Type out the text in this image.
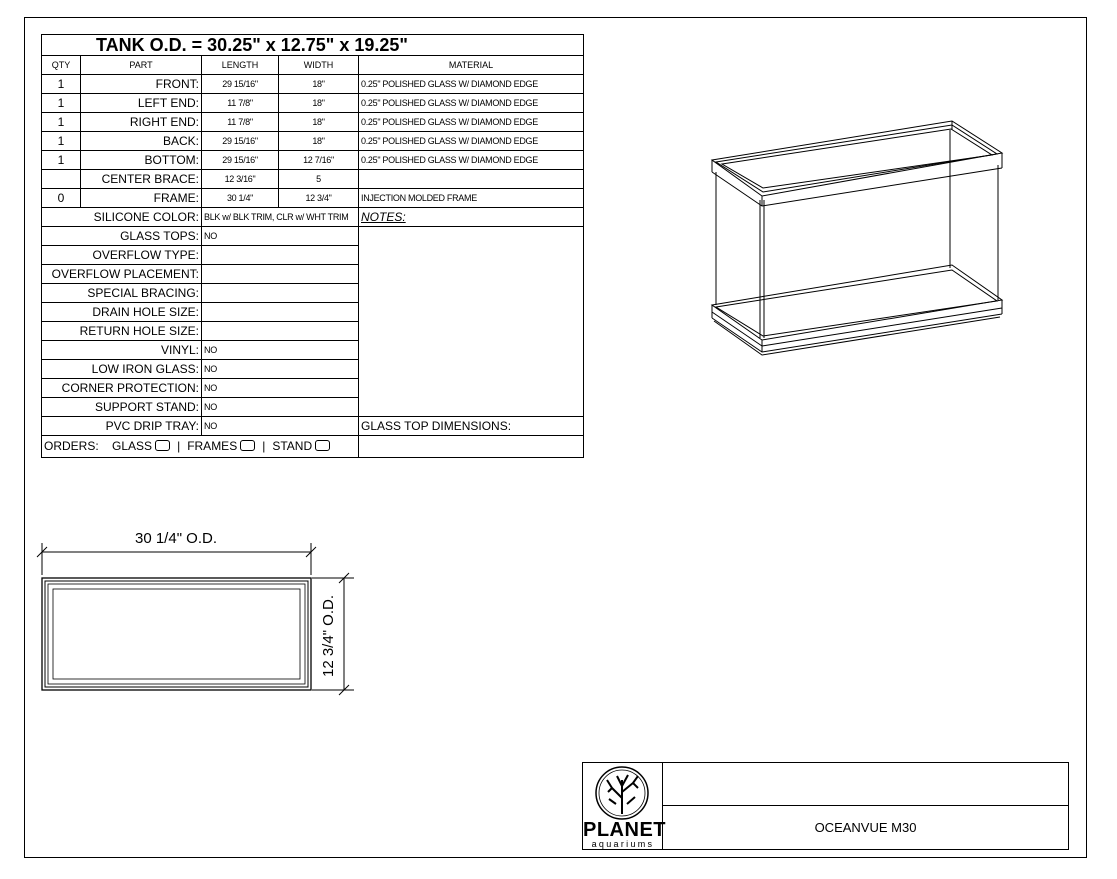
TANK O.D. = 30.25" x 12.75" x 19.25"				
QTY	PART	LENGTH	WIDTH	MATERIAL
1	FRONT:	29 15/16"	18"	0.25" POLISHED GLASS W/ DIAMOND EDGE
1	LEFT END:	11 7/8"	18"	0.25" POLISHED GLASS W/ DIAMOND EDGE
1	RIGHT END:	11 7/8"	18"	0.25" POLISHED GLASS W/ DIAMOND EDGE
1	BACK:	29 15/16"	18"	0.25" POLISHED GLASS W/ DIAMOND EDGE
1	BOTTOM:	29 15/16"	12 7/16"	0.25" POLISHED GLASS W/ DIAMOND EDGE
	CENTER BRACE:	12 3/16"	5	
0	FRAME:	30 1/4"	12 3/4"	INJECTION MOLDED FRAME
SILICONE COLOR:		BLK w/ BLK TRIM, CLR w/ WHT TRIM		NOTES:
GLASS TOPS:		NO		
OVERFLOW TYPE:				
OVERFLOW PLACEMENT:				
SPECIAL BRACING:				
DRAIN HOLE SIZE:				
RETURN HOLE SIZE:				
VINYL:		NO		
LOW IRON GLASS:		NO		
CORNER PROTECTION:		NO		
SUPPORT STAND:		NO		
PVC DRIP TRAY:		NO		GLASS TOP DIMENSIONS:
ORDERS: GLASS | FRAMES | STAND				
30 1/4" O.D.
12 3/4" O.D.
PLANET
aquariums
OCEANVUE M30
